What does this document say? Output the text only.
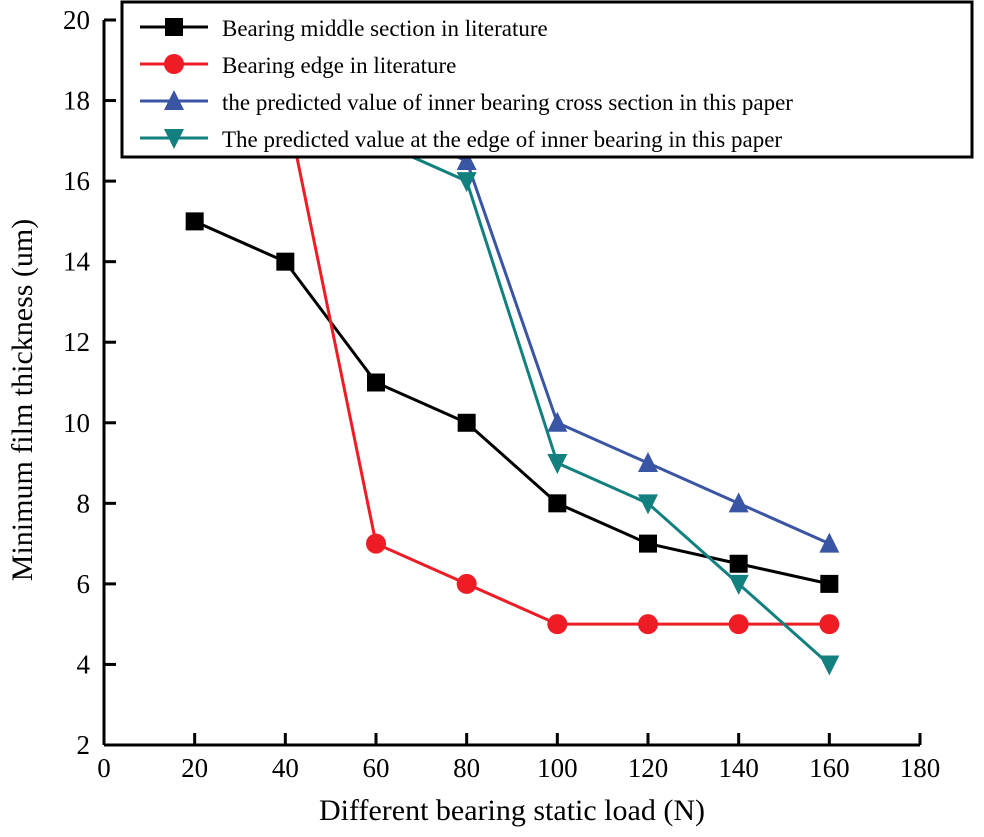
0	20 40 60 80 100 120 140 160 180
2
4
6
8
10
12
14
16
18
20
Different bearing static load (N)
Minimum film thickness (um)
Bearing middle section in literature
Bearing edge in literature
the predicted value of inner bearing cross section in this paper
The predicted value at the edge of inner bearing in this paper
